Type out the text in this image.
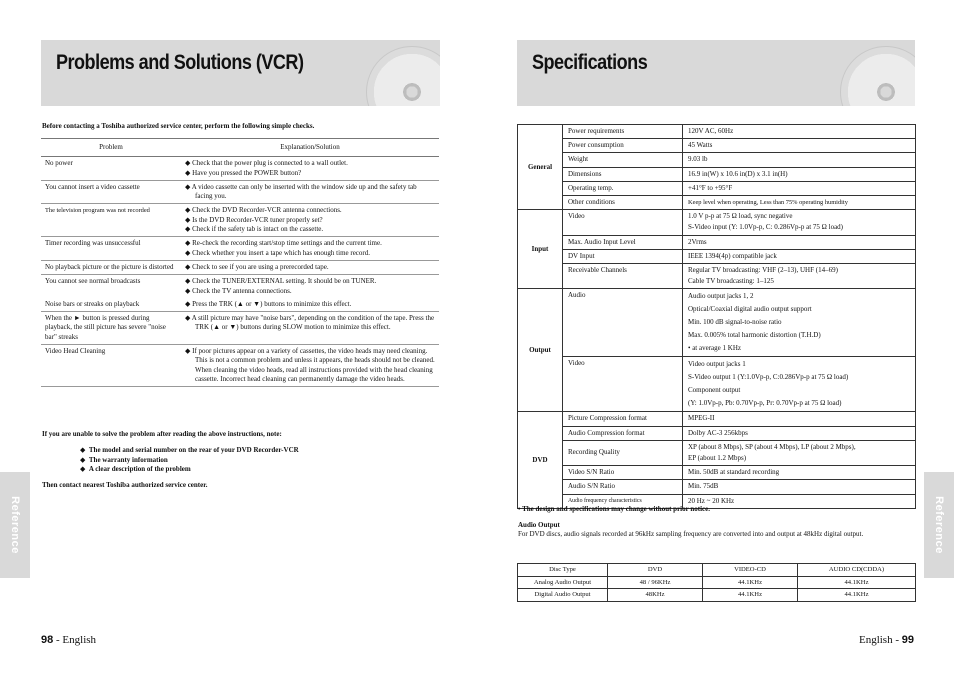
Problems and Solutions (VCR)
Before contacting a Toshiba authorized service center, perform the following simple checks.
Problem	Explanation/Solution
No power	◆ Check that the power plug is connected to a wall outlet.
◆ Have you pressed the POWER button?

You cannot insert a video cassette	◆ A video cassette can only be inserted with the window side up and the safety tab facing you.

The television program was not recorded	◆ Check the DVD Recorder-VCR antenna connections.
◆ Is the DVD Recorder-VCR tuner properly set?
◆ Check if the safety tab is intact on the cassette.

Timer recording was unsuccessful	◆ Re-check the recording start/stop time settings and the current time.
◆ Check whether you insert a tape which has enough time record.

No playback picture or the picture is distorted	◆ Check to see if you are using a prerecorded tape.

You cannot see normal broadcasts	◆ Check the TUNER/EXTERNAL setting. It should be on TUNER.
◆ Check the TV antenna connections.

Noise bars or streaks on playback	◆ Press the TRK (▲ or ▼) buttons to minimize this effect.

When the ► button is pressed during playback, the still picture has severe "noise bar" streaks	◆ A still picture may have "noise bars", depending on the condition of the tape. Press the TRK (▲ or ▼) buttons during SLOW motion to minimize this effect.

Video Head Cleaning	◆ If poor pictures appear on a variety of cassettes, the video heads may need cleaning. This is not a common problem and unless it appears, the heads should not be cleaned. When cleaning the video heads, read all instructions provided with the head cleaning cassette. Incorrect head cleaning can permanently damage the video heads.
If you are unable to solve the problem after reading the above instructions, note:
◆  The model and serial number on the rear of your DVD Recorder-VCR
◆  The warranty information
◆  A clear description of the problem
Then contact nearest Toshiba authorized service center.
Reference
98 - English
Specifications
General	Power requirements	120V AC, 60Hz
	Power consumption	45 Watts
	Weight	9.03 lb
	Dimensions	16.9 in(W) x 10.6 in(D) x 3.1 in(H)
	Operating temp.	+41°F to +95°F
	Other conditions	Keep level when operating, Less than 75% operating humidity
Input	Video	1.0 V p-p at 75 Ω load, sync negative
S-Video input (Y: 1.0Vp-p, C: 0.286Vp-p at 75 Ω load)

	Max. Audio Input Level	2Vrms
	DV Input	IEEE 1394(4p) compatible jack
	Receivable Channels	Regular TV broadcasting: VHF (2–13), UHF (14–69)
Cable TV broadcasting: 1–125

Output	Audio	Audio output jacks 1, 2
Optical/Coaxial digital audio output support
Min. 100 dB signal-to-noise ratio
Max. 0.005% total harmonic distortion (T.H.D)
• at average 1 KHz

	Video	Video output jacks 1
S-Video output 1 (Y:1.0Vp-p, C:0.286Vp-p at 75 Ω load)
Component output
(Y: 1.0Vp-p, Pb: 0.70Vp-p, Pr: 0.70Vp-p at 75 Ω load)

DVD	Picture Compression format	MPEG-II
	Audio Compression format	Dolby AC-3 256kbps
	Recording Quality	XP (about 8 Mbps), SP (about 4 Mbps), LP (about 2 Mbps),
EP (about 1.2 Mbps)

	Video S/N Ratio	Min. 50dB at standard recording
	Audio S/N Ratio	Min. 75dB
	Audio frequency characteristics	20 Hz ~ 20 KHz
• The design and specifications may change without prior notice.
Audio Output
For DVD discs, audio signals recorded at 96kHz sampling frequency are converted into and output at 48kHz digital output.
Disc Type	DVD	VIDEO-CD	AUDIO CD(CDDA)
Analog Audio Output	48 / 96KHz	44.1KHz	44.1KHz
Digital Audio Output	48KHz	44.1KHz	44.1KHz
Reference
English - 99
